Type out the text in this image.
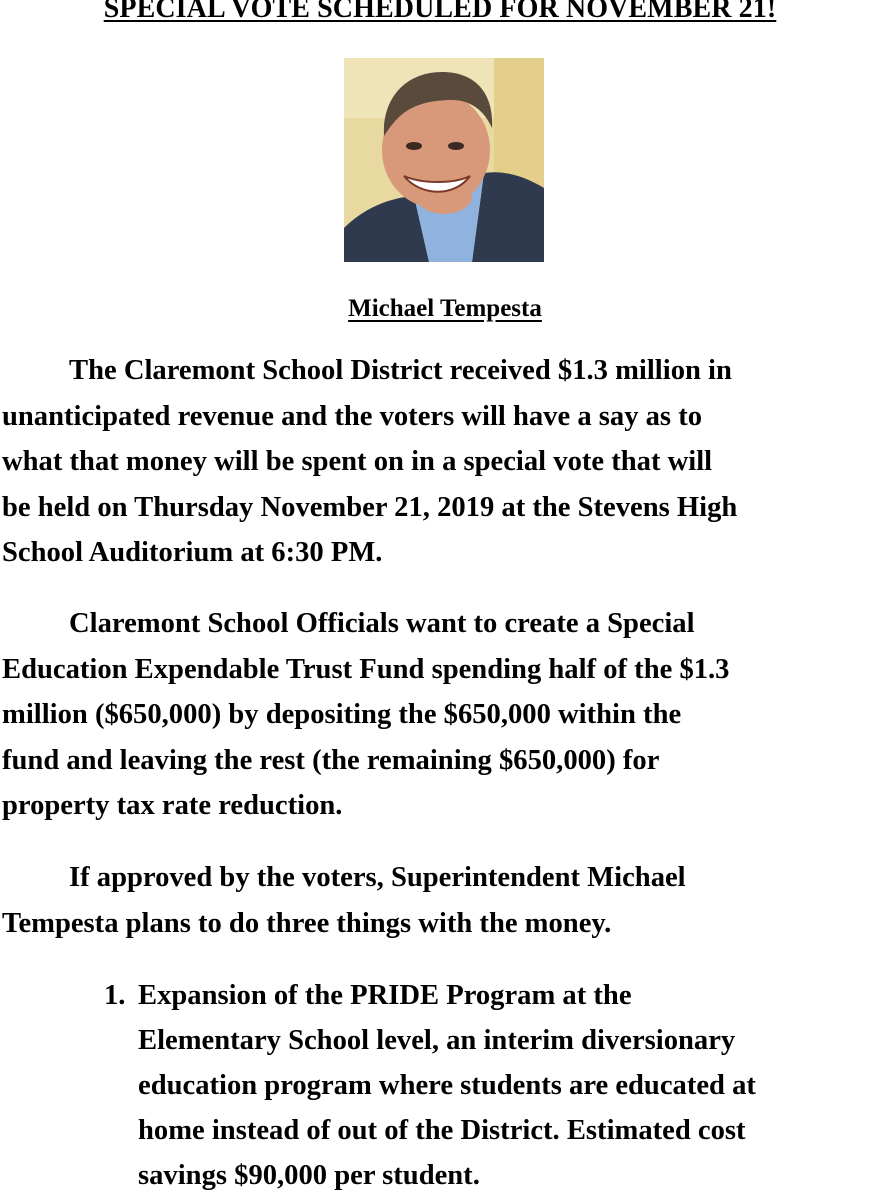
SPECIAL VOTE SCHEDULED FOR NOVEMBER 21!
Michael Tempesta
The Claremont School District received $1.3 million in
unanticipated revenue and the voters will have a say as to
what that money will be spent on in a special vote that will
be held on Thursday November 21, 2019 at the Stevens High
School Auditorium at 6:30 PM.
Claremont School Officials want to create a Special
Education Expendable Trust Fund spending half of the $1.3
million ($650,000) by depositing the $650,000 within the
fund and leaving the rest (the remaining $650,000) for
property tax rate reduction.
If approved by the voters, Superintendent Michael
Tempesta plans to do three things with the money.
1. Expansion of the PRIDE Program at the
Elementary School level, an interim diversionary
education program where students are educated at
home instead of out of the District. Estimated cost
savings $90,000 per student.
